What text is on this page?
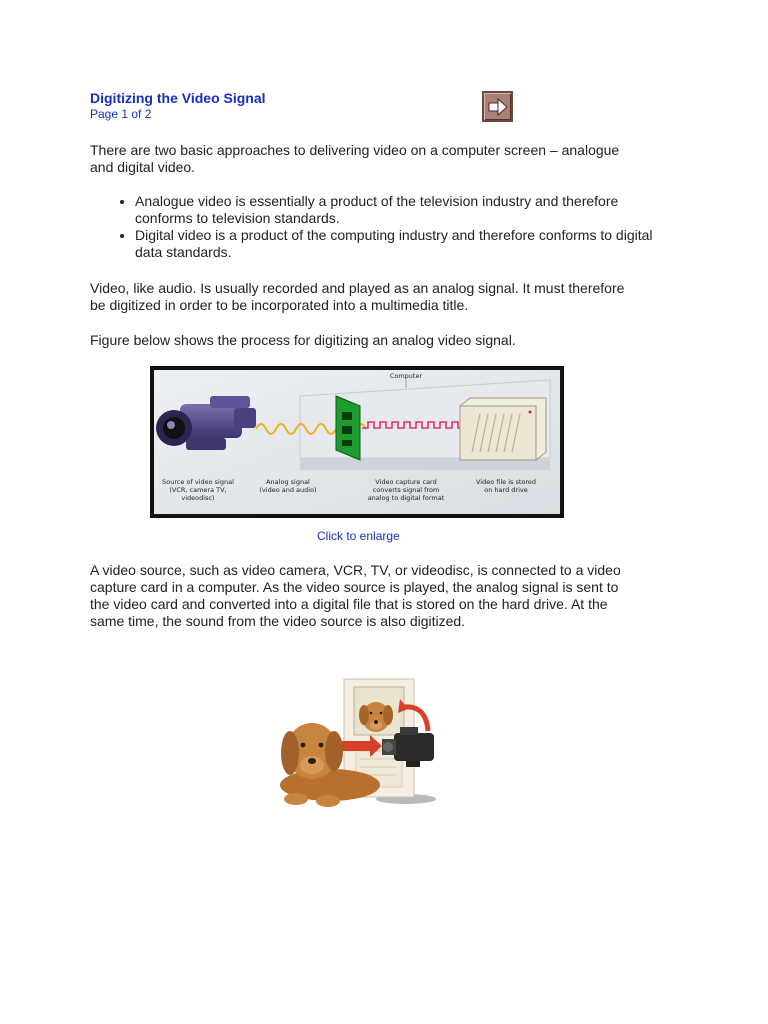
Digitizing the Video Signal
Page 1 of 2

There are two basic approaches to delivering video on a computer screen – analogue and digital video.

• Analogue video is essentially a product of the television industry and therefore conforms to television standards.
• Digital video is a product of the computing industry and therefore conforms to digital data standards.

Video, like audio. Is usually recorded and played as an analog signal. It must therefore be digitized in order to be incorporated into a multimedia title.

Figure below shows the process for digitizing an analog video signal.

Computer
Source of video signal (VCR, camera TV, videodisc)
Analog signal (video and audio)
Video capture card converts signal from analog to digital format
Video file is stored on hard drive
Click to enlarge

A video source, such as video camera, VCR, TV, or videodisc, is connected to a video capture card in a computer. As the video source is played, the analog signal is sent to the video card and converted into a digital file that is stored on the hard drive. At the same time, the sound from the video source is also digitized.
